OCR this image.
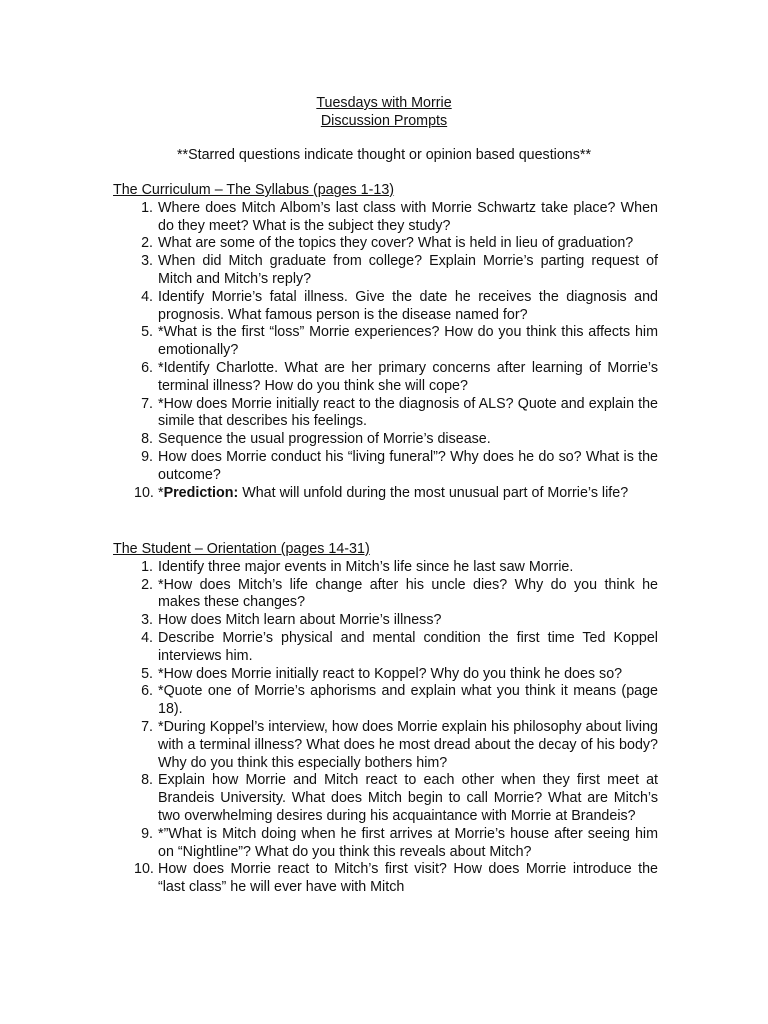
Tuesdays with Morrie
Discussion Prompts
**Starred questions indicate thought or opinion based questions**
The Curriculum – The Syllabus (pages 1-13)
1. Where does Mitch Albom’s last class with Morrie Schwartz take place? When do they meet? What is the subject they study?
2. What are some of the topics they cover? What is held in lieu of graduation?
3. When did Mitch graduate from college? Explain Morrie’s parting request of Mitch and Mitch’s reply?
4. Identify Morrie’s fatal illness. Give the date he receives the diagnosis and prognosis. What famous person is the disease named for?
5. *What is the first “loss” Morrie experiences? How do you think this affects him emotionally?
6. *Identify Charlotte. What are her primary concerns after learning of Morrie’s terminal illness? How do you think she will cope?
7. *How does Morrie initially react to the diagnosis of ALS? Quote and explain the simile that describes his feelings.
8. Sequence the usual progression of Morrie’s disease.
9. How does Morrie conduct his “living funeral”? Why does he do so? What is the outcome?
10. *Prediction: What will unfold during the most unusual part of Morrie’s life?
The Student – Orientation (pages 14-31)
1. Identify three major events in Mitch’s life since he last saw Morrie.
2. *How does Mitch’s life change after his uncle dies? Why do you think he makes these changes?
3. How does Mitch learn about Morrie’s illness?
4. Describe Morrie’s physical and mental condition the first time Ted Koppel interviews him.
5. *How does Morrie initially react to Koppel? Why do you think he does so?
6. *Quote one of Morrie’s aphorisms and explain what you think it means (page 18).
7. *During Koppel’s interview, how does Morrie explain his philosophy about living with a terminal illness? What does he most dread about the decay of his body? Why do you think this especially bothers him?
8. Explain how Morrie and Mitch react to each other when they first meet at Brandeis University. What does Mitch begin to call Morrie? What are Mitch’s two overwhelming desires during his acquaintance with Morrie at Brandeis?
9. *”What is Mitch doing when he first arrives at Morrie’s house after seeing him on “Nightline”? What do you think this reveals about Mitch?
10. How does Morrie react to Mitch’s first visit? How does Morrie introduce the “last class” he will ever have with Mitch
